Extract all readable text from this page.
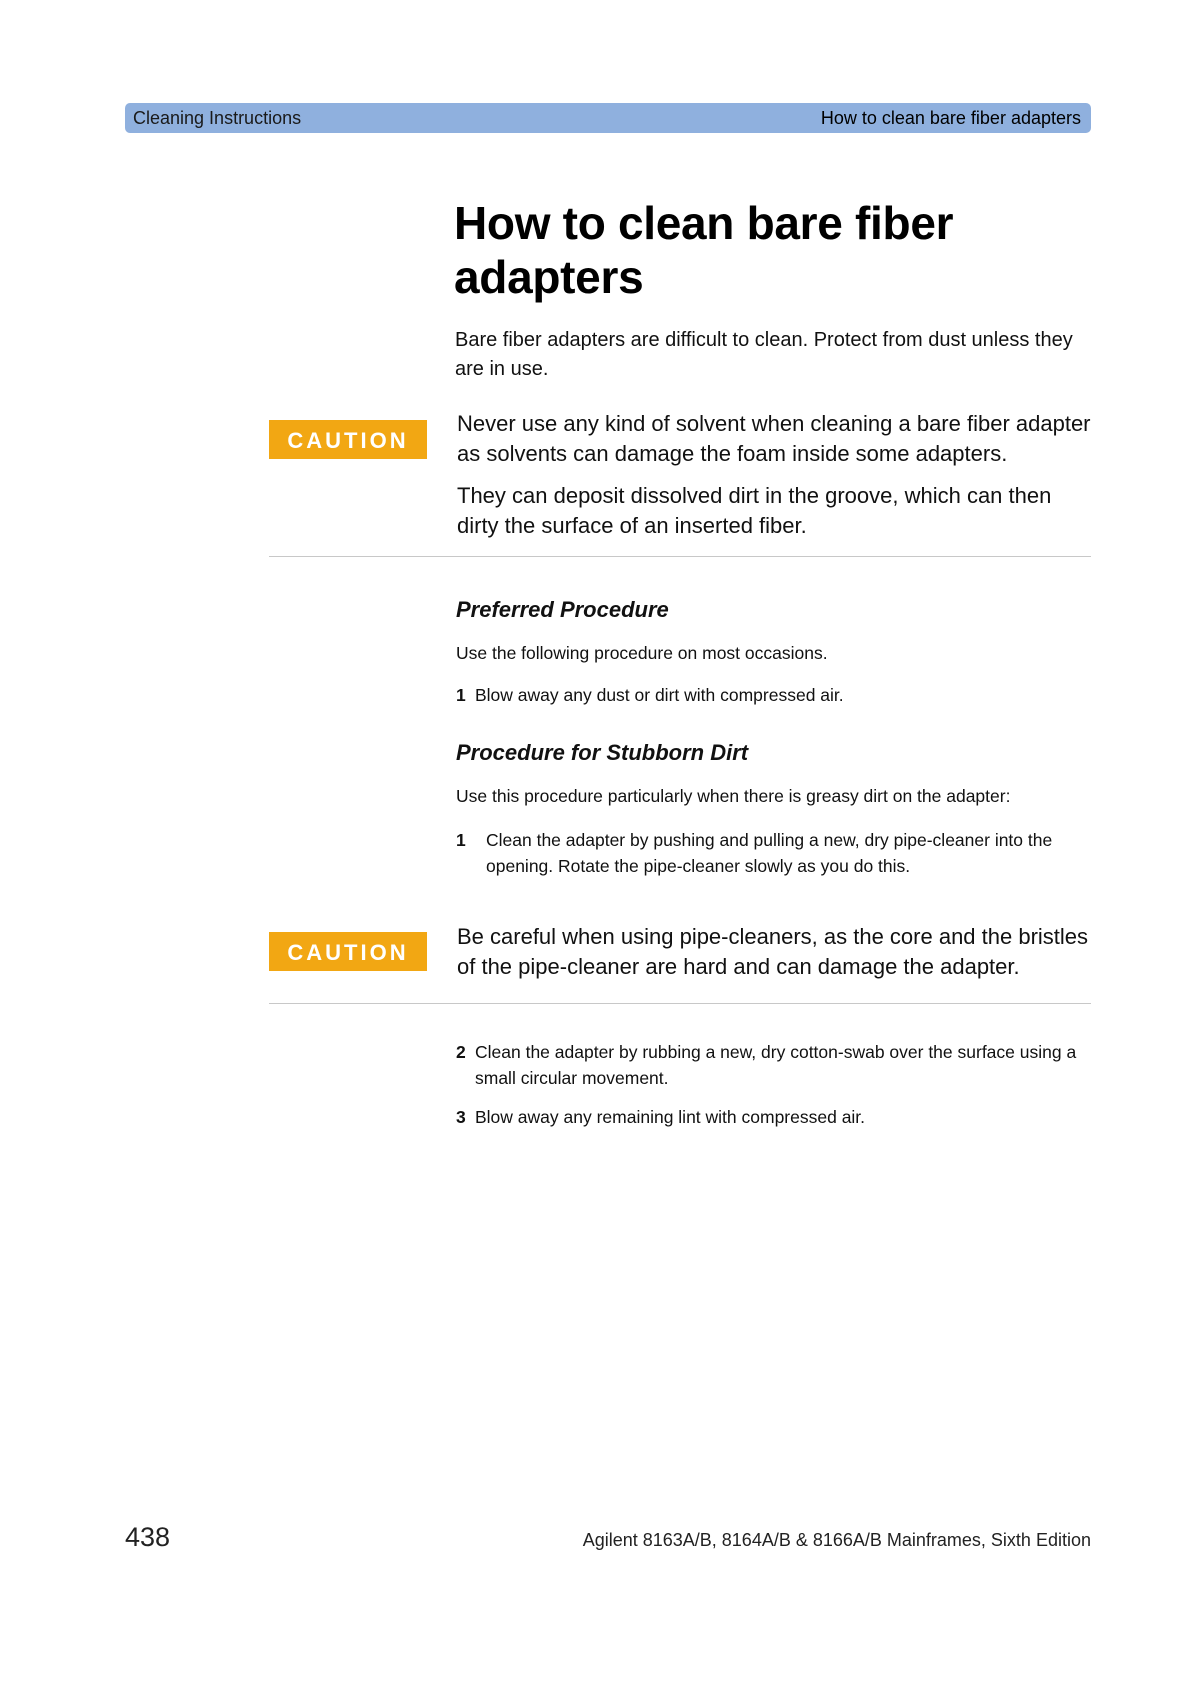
Cleaning Instructions	How to clean bare fiber adapters
How to clean bare fiber adapters
Bare fiber adapters are difficult to clean. Protect from dust unless they are in use.
CAUTION
Never use any kind of solvent when cleaning a bare fiber adapter as solvents can damage the foam inside some adapters.
They can deposit dissolved dirt in the groove, which can then dirty the surface of an inserted fiber.
Preferred Procedure
Use the following procedure on most occasions.
1 Blow away any dust or dirt with compressed air.
Procedure for Stubborn Dirt
Use this procedure particularly when there is greasy dirt on the adapter:
1 Clean the adapter by pushing and pulling a new, dry pipe-cleaner into the opening. Rotate the pipe-cleaner slowly as you do this.
CAUTION
Be careful when using pipe-cleaners, as the core and the bristles of the pipe-cleaner are hard and can damage the adapter.
2 Clean the adapter by rubbing a new, dry cotton-swab over the surface using a small circular movement.
3 Blow away any remaining lint with compressed air.
438	Agilent 8163A/B, 8164A/B & 8166A/B Mainframes, Sixth Edition
